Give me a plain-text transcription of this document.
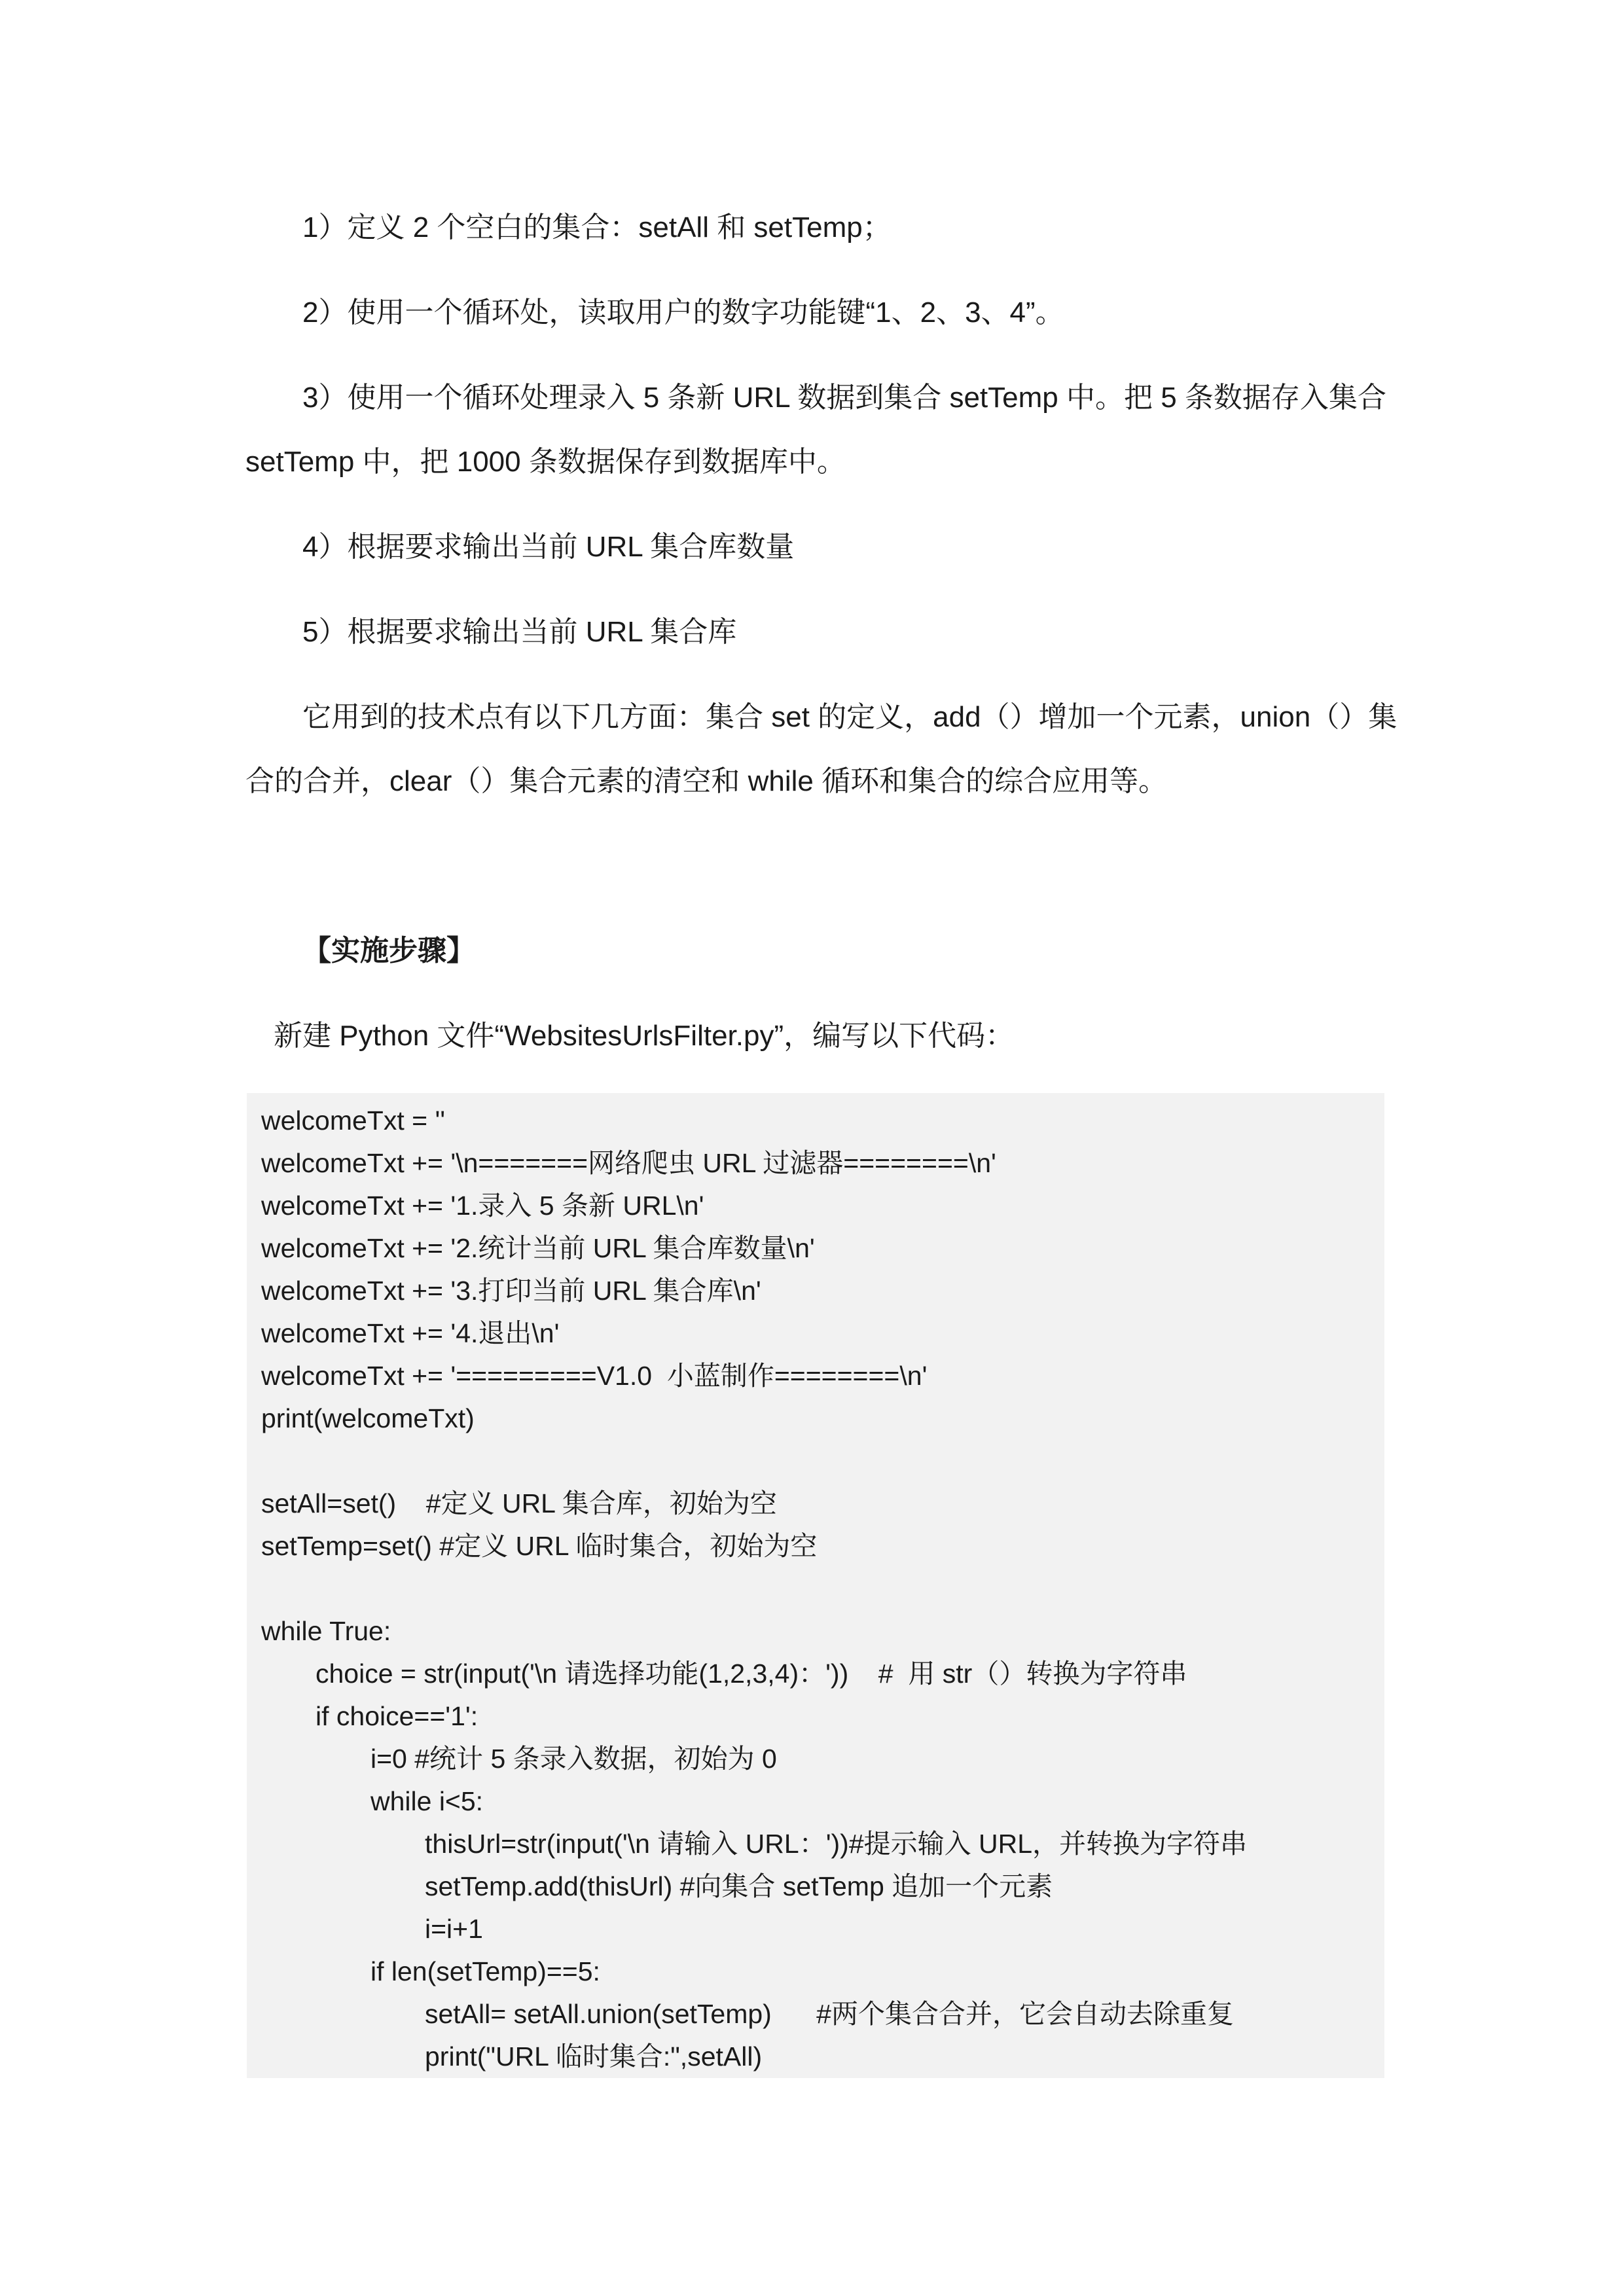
1）定义 2 个空白的集合：setAll 和 setTemp；
2）使用一个循环处，读取用户的数字功能键“1、2、3、4”。
3）使用一个循环处理录入 5 条新 URL 数据到集合 setTemp 中。把 5 条数据存入集合
setTemp 中，把 1000 条数据保存到数据库中。
4）根据要求输出当前 URL 集合库数量
5）根据要求输出当前 URL 集合库
它用到的技术点有以下几方面：集合 set 的定义，add（）增加一个元素，union（）集
合的合并，clear（）集合元素的清空和 while 循环和集合的综合应用等。
【实施步骤】
新建 Python 文件“WebsitesUrlsFilter.py”，编写以下代码：
welcomeTxt = ''
welcomeTxt += '\n=======网络爬虫 URL 过滤器========\n'
welcomeTxt += '1.录入 5 条新 URL\n'
welcomeTxt += '2.统计当前 URL 集合库数量\n'
welcomeTxt += '3.打印当前 URL 集合库\n'
welcomeTxt += '4.退出\n'
welcomeTxt += '=========V1.0  小蓝制作========\n'
print(welcomeTxt)
setAll=set()    #定义 URL 集合库，初始为空
setTemp=set() #定义 URL 临时集合，初始为空
while True:
choice = str(input('\n 请选择功能(1,2,3,4)：'))    #  用 str（）转换为字符串
if choice=='1':
i=0 #统计 5 条录入数据，初始为 0
while i<5:
thisUrl=str(input('\n 请输入 URL：'))#提示输入 URL，并转换为字符串
setTemp.add(thisUrl) #向集合 setTemp 追加一个元素
i=i+1
if len(setTemp)==5:
setAll= setAll.union(setTemp)      #两个集合合并，它会自动去除重复
print("URL 临时集合:",setAll)
